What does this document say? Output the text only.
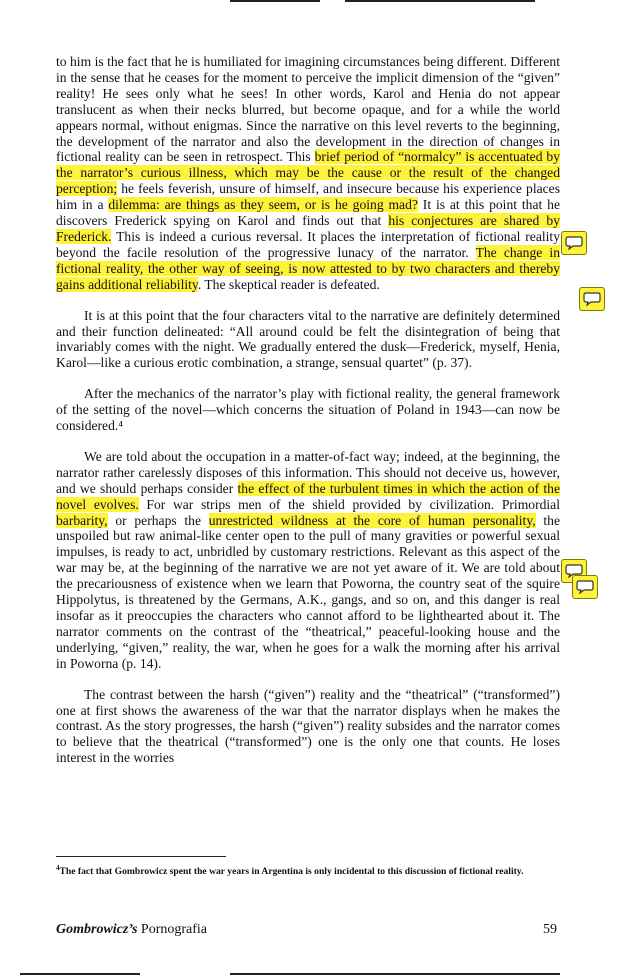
to him is the fact that he is humiliated for imagining circumstances being different. Different in the sense that he ceases for the moment to perceive the implicit dimension of the “given” reality! He sees only what he sees! In other words, Karol and Henia do not appear translucent as when their necks blurred, but become opaque, and for a while the world appears normal, without enigmas. Since the narrative on this level reverts to the beginning, the development of the narrator and also the development in the direction of changes in fictional reality can be seen in retrospect. This brief period of “normalcy” is accentuated by the narrator’s curious illness, which may be the cause or the result of the changed perception; he feels feverish, unsure of himself, and insecure because his experience places him in a dilemma: are things as they seem, or is he going mad? It is at this point that he discovers Frederick spying on Karol and finds out that his conjectures are shared by Frederick. This is indeed a curious reversal. It places the interpretation of fictional reality beyond the facile resolution of the progressive lunacy of the narrator. The change in fictional reality, the other way of seeing, is now attested to by two characters and thereby gains additional reliability. The skeptical reader is defeated.

It is at this point that the four characters vital to the narrative are definitely determined and their function delineated: “All around could be felt the disintegration of being that invariably comes with the night. We gradually entered the dusk—Frederick, myself, Henia, Karol—like a curious erotic combination, a strange, sensual quartet” (p. 37).

After the mechanics of the narrator’s play with fictional reality, the general framework of the setting of the novel—which concerns the situation of Poland in 1943—can now be considered.⁴

We are told about the occupation in a matter-of-fact way; indeed, at the beginning, the narrator rather carelessly disposes of this information. This should not deceive us, however, and we should perhaps consider the effect of the turbulent times in which the action of the novel evolves. For war strips men of the shield provided by civilization. Primordial barbarity, or perhaps the unrestricted wildness at the core of human personality, the unspoiled but raw animal-like center open to the pull of many gravities or powerful sexual impulses, is ready to act, unbridled by customary restrictions. Relevant as this aspect of the war may be, at the beginning of the narrative we are not yet aware of it. We are told about the precariousness of existence when we learn that Poworna, the country seat of the squire Hippolytus, is threatened by the Germans, A.K., gangs, and so on, and this danger is real insofar as it preoccupies the characters who cannot afford to be lighthearted about it. The narrator comments on the contrast of the “theatrical,” peaceful-looking house and the underlying, “given,” reality, the war, when he goes for a walk the morning after his arrival in Poworna (p. 14).

The contrast between the harsh (“given”) reality and the “theatrical” (“transformed”) one at first shows the awareness of the war that the narrator displays when he makes the contrast. As the story progresses, the harsh (“given”) reality subsides and the narrator comes to believe that the theatrical (“transformed”) one is the only one that counts. He loses interest in the worries

$^4$The fact that Gombrowicz spent the war years in Argentina is only incidental to this discussion of fictional reality.
Gombrowicz’s Pornografia	59
